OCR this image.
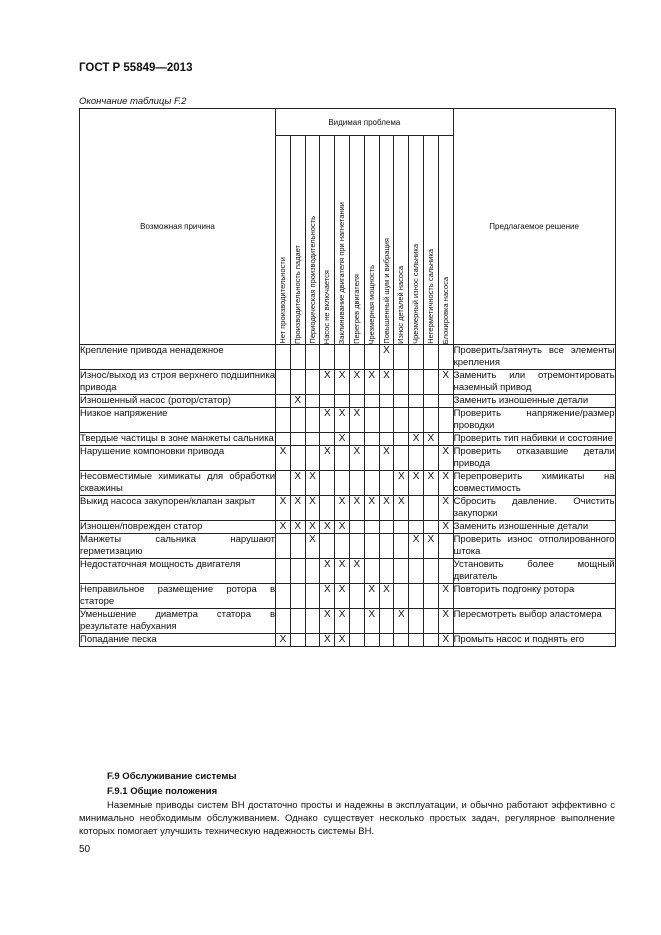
ГОСТ Р 55849—2013
Окончание таблицы F.2
Возможная причина	Видимая проблема												Предлагаемое решение

	Нет производительности	Производительность падает	Периодическая производительность	Насос не включается	Заклинивание двигателя при нагнетании	Перегрев двигателя	Чрезмерная мощность	Повышенный шум и вибрация	Износ деталей насоса	Чрезмерный износ сальника	Негерметичность сальника	Блокировка насоса	

Крепление привода ненадежное								X					Проверить/затянуть все элементы крепления
Износ/выход из строя верхнего подшипника привода				X	X	X	X	X				X	Заменить или отремонтировать наземный привод
Изношенный насос (ротор/статор)		X											Заменить изношенные детали
Низкое напряжение				X	X	X							Проверить напряжение/размер проводки
Твердые частицы в зоне манжеты сальника					X					X	X		Проверить тип набивки и состояние
Нарушение компоновки привода	X			X		X		X				X	Проверить отказавшие детали привода
Несовместимые химикаты для обработки скважины		X	X						X	X	X	X	Перепроверить химикаты на совместимость
Выкид насоса закупорен/клапан закрыт	X	X	X		X	X	X	X	X			X	Сбросить давление. Очистить закупорки
Изношен/поврежден статор	X	X	X	X	X							X	Заменить изношенные детали
Манжеты сальника нарушают герметизацию			X							X	X		Проверить износ отполированного штока
Недостаточная мощность двигателя				X	X	X							Установить более мощный двигатель
Неправильное размещение ротора в статоре				X	X		X	X				X	Повторить подгонку ротора
Уменьшение диаметра статора в результате набухания				X	X		X		X			X	Пересмотреть выбор эластомера
Попадание песка	X			X	X							X	Промыть насос и поднять его
F.9 Обслуживание системы
F.9.1 Общие положения
Наземные приводы систем ВН достаточно просты и надежны в эксплуатации, и обычно работают эффективно с минимально необходимым обслуживанием. Однако существует несколько простых задач, регулярное выполнение которых помогает улучшить техническую надежность системы ВН.
50
